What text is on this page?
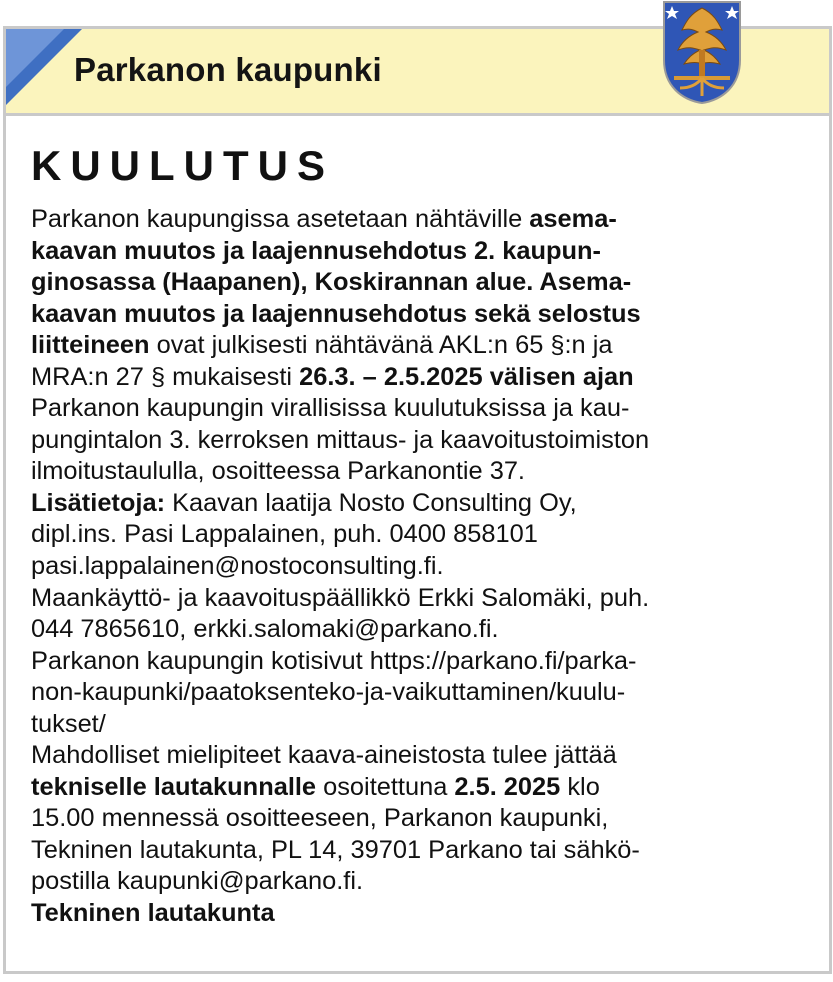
Parkanon kaupunki
KUULUTUS
Parkanon kaupungissa asetetaan nähtäville asema-
kaavan muutos ja laajennusehdotus 2. kaupun-
ginosassa (Haapanen), Koskirannan alue. Asema-
kaavan muutos ja laajennusehdotus sekä selostus
liitteineen ovat julkisesti nähtävänä AKL:n 65 §:n ja
MRA:n 27 § mukaisesti 26.3. – 2.5.2025 välisen ajan
Parkanon kaupungin virallisissa kuulutuksissa ja kau-
pungintalon 3. kerroksen mittaus- ja kaavoitustoimiston
ilmoitustaululla, osoitteessa Parkanontie 37.
Lisätietoja: Kaavan laatija Nosto Consulting Oy,
dipl.ins. Pasi Lappalainen, puh. 0400 858101
pasi.lappalainen@nostoconsulting.fi.
Maankäyttö- ja kaavoituspäällikkö Erkki Salomäki, puh.
044 7865610, erkki.salomaki@parkano.fi.
Parkanon kaupungin kotisivut https://parkano.fi/parka-
non-kaupunki/paatoksenteko-ja-vaikuttaminen/kuulu-
tukset/
Mahdolliset mielipiteet kaava-aineistosta tulee jättää
tekniselle lautakunnalle osoitettuna 2.5. 2025 klo
15.00 mennessä osoitteeseen, Parkanon kaupunki,
Tekninen lautakunta, PL 14, 39701 Parkano tai sähkö-
postilla kaupunki@parkano.fi.
Tekninen lautakunta
